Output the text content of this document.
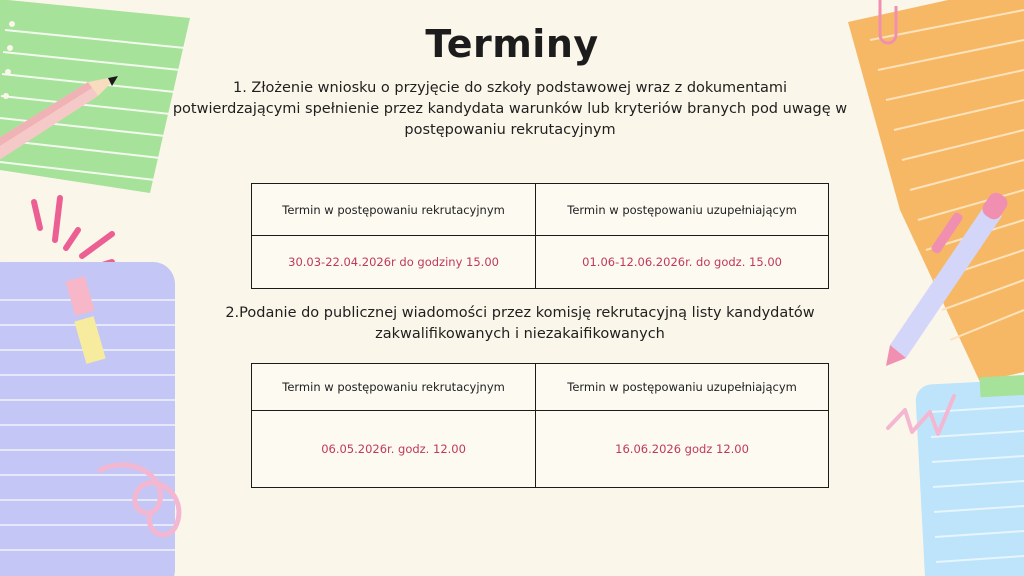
Terminy
1. Złożenie wniosku o przyjęcie do szkoły podstawowej wraz z dokumentami potwierdzającymi spełnienie przez kandydata warunków lub kryteriów branych pod uwagę w postępowaniu rekrutacyjnym
Termin w postępowaniu rekrutacyjnym	Termin w postępowaniu uzupełniającym
30.03-22.04.2026r do godziny 15.00	01.06-12.06.2026r. do godz. 15.00
2.Podanie do publicznej wiadomości przez komisję rekrutacyjną listy kandydatów zakwalifikowanych i niezakaifikowanych
Termin w postępowaniu rekrutacyjnym	Termin w postępowaniu uzupełniającym
06.05.2026r. godz. 12.00	16.06.2026 godz 12.00
